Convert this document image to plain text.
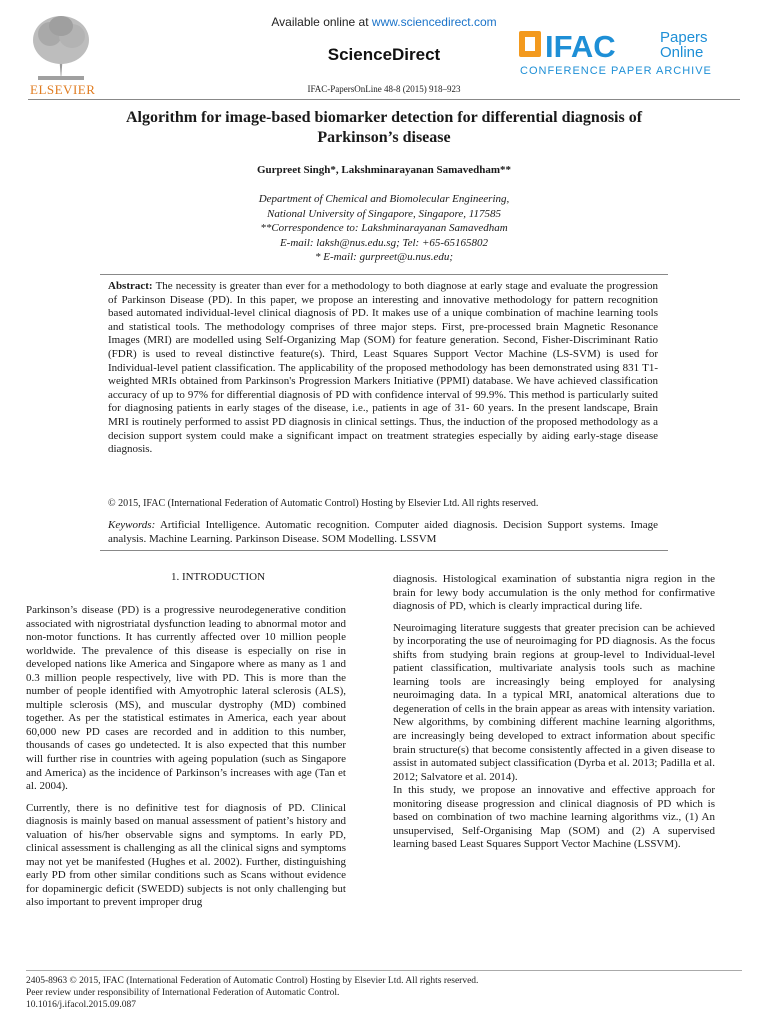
ELSEVIER
Available online at www.sciencedirect.com
ScienceDirect
IFAC-PapersOnLine 48-8 (2015) 918–923
IFAC	Papers
Online
CONFERENCE PAPER ARCHIVE
Algorithm for image-based biomarker detection for differential diagnosis of
Parkinson’s disease
Gurpreet Singh*, Lakshminarayanan Samavedham**
Department of Chemical and Biomolecular Engineering,
National University of Singapore, Singapore, 117585
**Correspondence to: Lakshminarayanan Samavedham
E-mail: laksh@nus.edu.sg; Tel: +65-65165802
* E-mail: gurpreet@u.nus.edu;
Abstract: The necessity is greater than ever for a methodology to both diagnose at early stage and evaluate the progression of Parkinson Disease (PD). In this paper, we propose an interesting and innovative methodology for pattern recognition based automated individual-level clinical diagnosis of PD. It makes use of a unique combination of machine learning tools and statistical tools. The methodology comprises of three major steps. First, pre-processed brain Magnetic Resonance Images (MRI) are modelled using Self-Organizing Map (SOM) for feature generation. Second, Fisher-Discriminant Ratio (FDR) is used to reveal distinctive feature(s). Third, Least Squares Support Vector Machine (LS-SVM) is used for Individual-level patient classification. The applicability of the proposed methodology has been demonstrated using 831 T1-weighted MRIs obtained from Parkinson's Progression Markers Initiative (PPMI) database. We have achieved classification accuracy of up to 97% for differential diagnosis of PD with confidence interval of 99.9%. This method is particularly suited for diagnosing patients in early stages of the disease, i.e., patients in age of 31- 60 years. In the present landscape, Brain MRI is routinely performed to assist PD diagnosis in clinical settings. Thus, the induction of the proposed methodology as a decision support system could make a significant impact on treatment strategies especially by aiding early-stage disease diagnosis.
© 2015, IFAC (International Federation of Automatic Control) Hosting by Elsevier Ltd. All rights reserved.
Keywords: Artificial Intelligence. Automatic recognition. Computer aided diagnosis. Decision Support systems. Image analysis. Machine Learning. Parkinson Disease. SOM Modelling. LSSVM
1. INTRODUCTION

Parkinson’s disease (PD) is a progressive neurodegenerative condition associated with nigrostriatal dysfunction leading to abnormal motor and non-motor functions. It has currently affected over 10 million people worldwide. The prevalence of this disease is especially on rise in developed nations like America and Singapore where as many as 1 and 0.3 million people respectively, live with PD. This is more than the number of people identified with Amyotrophic lateral sclerosis (ALS), multiple sclerosis (MS), and muscular dystrophy (MD) combined together. As per the statistical estimates in America, each year about 60,000 new PD cases are recorded and in addition to this number, thousands of cases go undetected. It is also expected that this number will further rise in countries with ageing population (such as Singapore and America) as the incidence of Parkinson’s increases with age (Tan et al. 2004).

Currently, there is no definitive test for diagnosis of PD. Clinical diagnosis is mainly based on manual assessment of patient’s history and valuation of his/her observable signs and symptoms. In early PD, clinical assessment is challenging as all the clinical signs and symptoms may not yet be manifested (Hughes et al. 2002). Further, distinguishing early PD from other similar conditions such as Scans without evidence for dopaminergic deficit (SWEDD) subjects is not only challenging but also important to prevent improper drug

diagnosis. Histological examination of substantia nigra region in the brain for lewy body accumulation is the only method for confirmative diagnosis of PD, which is clearly impractical during life.

Neuroimaging literature suggests that greater precision can be achieved by incorporating the use of neuroimaging for PD diagnosis. As the focus shifts from studying brain regions at group-level to Individual-level patient classification, multivariate analysis tools such as machine learning tools are increasingly being employed for analysing neuroimaging data. In a typical MRI, anatomical alterations due to degeneration of cells in the brain appear as areas with intensity variation. New algorithms, by combining different machine learning algorithms, are increasingly being developed to extract information about specific brain structure(s) that become consistently affected in a given disease to assist in automated subject classification (Dyrba et al. 2013; Padilla et al. 2012; Salvatore et al. 2014).

In this study, we propose an innovative and effective approach for monitoring disease progression and clinical diagnosis of PD which is based on combination of two machine learning algorithms viz., (1) An unsupervised, Self-Organising Map (SOM) and (2) A supervised learning based Least Squares Support Vector Machine (LSSVM).

2405-8963 © 2015, IFAC (International Federation of Automatic Control) Hosting by Elsevier Ltd. All rights reserved.
Peer review under responsibility of International Federation of Automatic Control.
10.1016/j.ifacol.2015.09.087
